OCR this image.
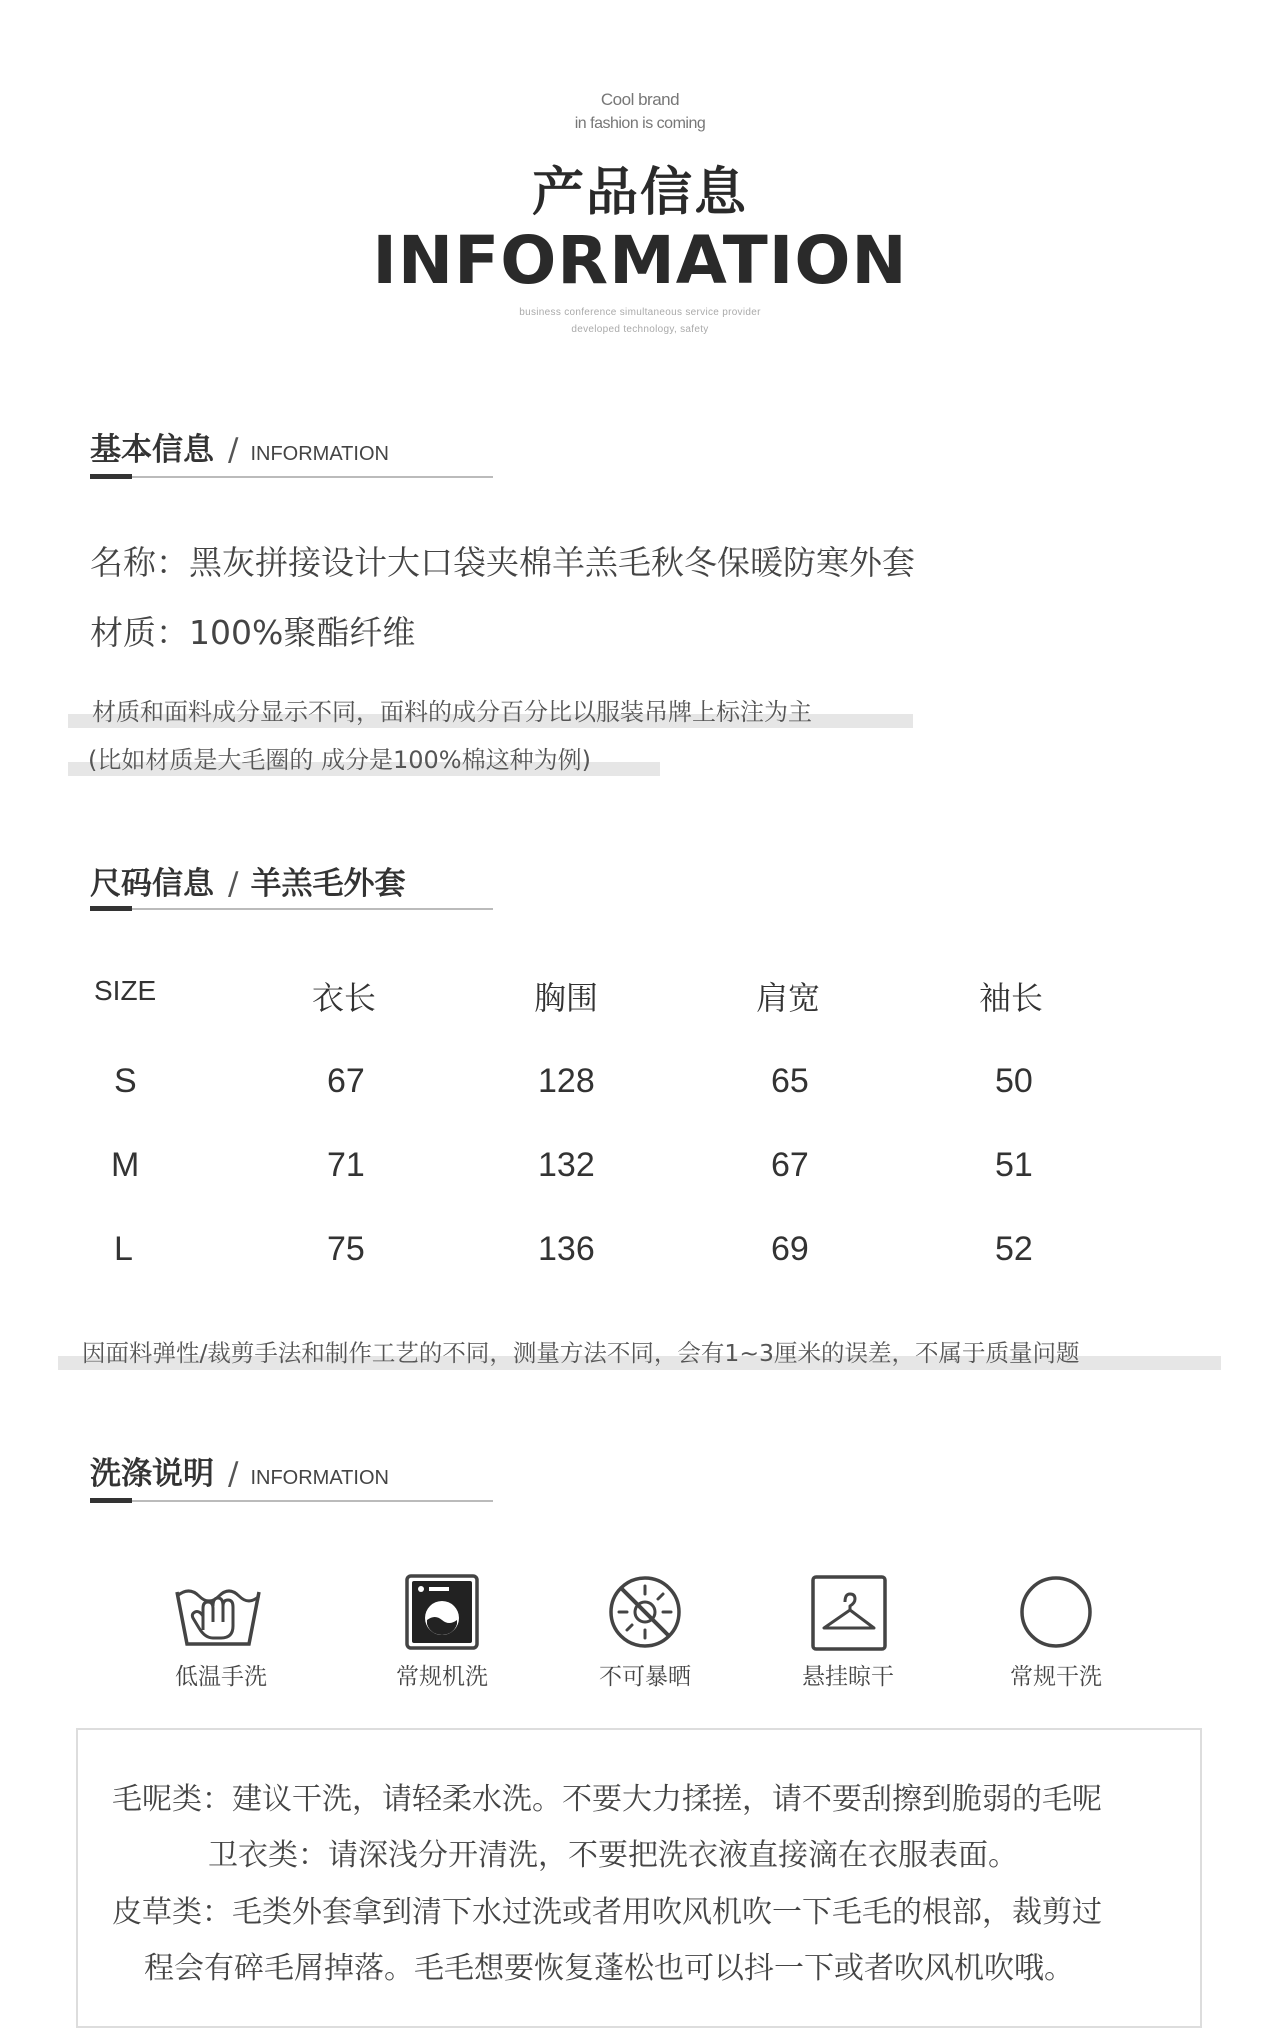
Cool brand
in fashion is coming
产品信息
INFORMATION
business conference simultaneous service provider
developed technology, safety
基本信息 / INFORMATION
名称：黑灰拼接设计大口袋夹棉羊羔毛秋冬保暖防寒外套
材质：100%聚酯纤维
材质和面料成分显示不同，面料的成分百分比以服装吊牌上标注为主
(比如材质是大毛圈的 成分是100%棉这种为例)
尺码信息 / 羊羔毛外套
SIZE	衣长	胸围	肩宽	袖长
S	67	128	65	50
M	71	132	67	51
L	75	136	69	52
因面料弹性/裁剪手法和制作工艺的不同，测量方法不同，会有1~3厘米的误差，不属于质量问题
洗涤说明 / INFORMATION
低温手洗	常规机洗	不可暴晒	悬挂晾干	常规干洗
毛呢类：建议干洗，请轻柔水洗。不要大力揉搓，请不要刮擦到脆弱的毛呢
卫衣类：请深浅分开清洗，不要把洗衣液直接滴在衣服表面。
皮草类：毛类外套拿到清下水过洗或者用吹风机吹一下毛毛的根部，裁剪过
程会有碎毛屑掉落。毛毛想要恢复蓬松也可以抖一下或者吹风机吹哦。
